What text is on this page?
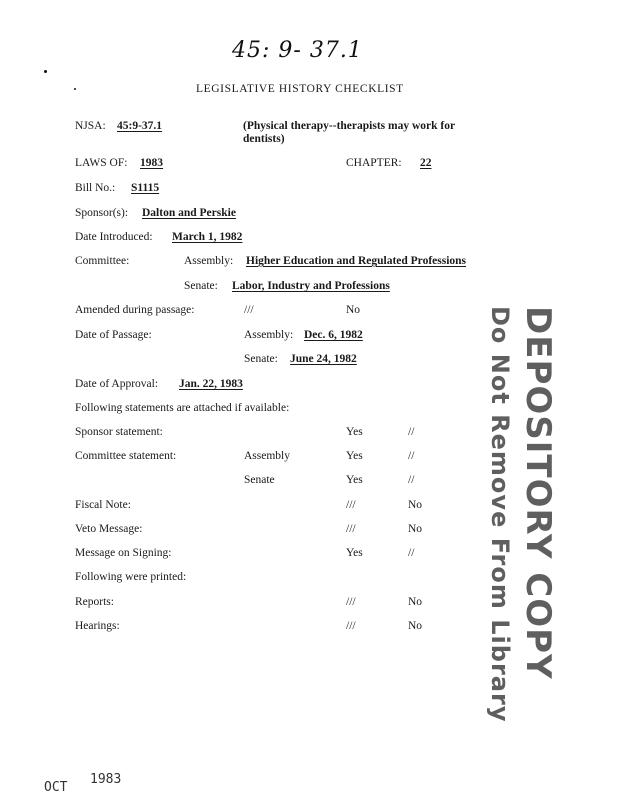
45: 9- 37.1
LEGISLATIVE HISTORY CHECKLIST
NJSA: 45:9-37.1	(Physical therapy--therapists may work for dentists)
LAWS OF: 1983	CHAPTER: 22
Bill No.: S1115
Sponsor(s): Dalton and Perskie
Date Introduced: March 1, 1982
Committee:	Assembly: Higher Education and Regulated Professions
Senate: Labor, Industry and Professions
Amended during passage:	///	No
Date of Passage:	Assembly: Dec. 6, 1982
Senate: June 24, 1982
Date of Approval: Jan. 22, 1983
Following statements are attached if available:
Sponsor statement:	Yes	//
Committee statement:	Assembly	Yes	//
Senate	Yes	//
Fiscal Note:	///	No
Veto Message:	///	No
Message on Signing:	Yes	//
Following were printed:
Reports:	///	No
Hearings:	///	No	DEPOSITORY COPY
Do Not Remove From Library
OCT
1983
